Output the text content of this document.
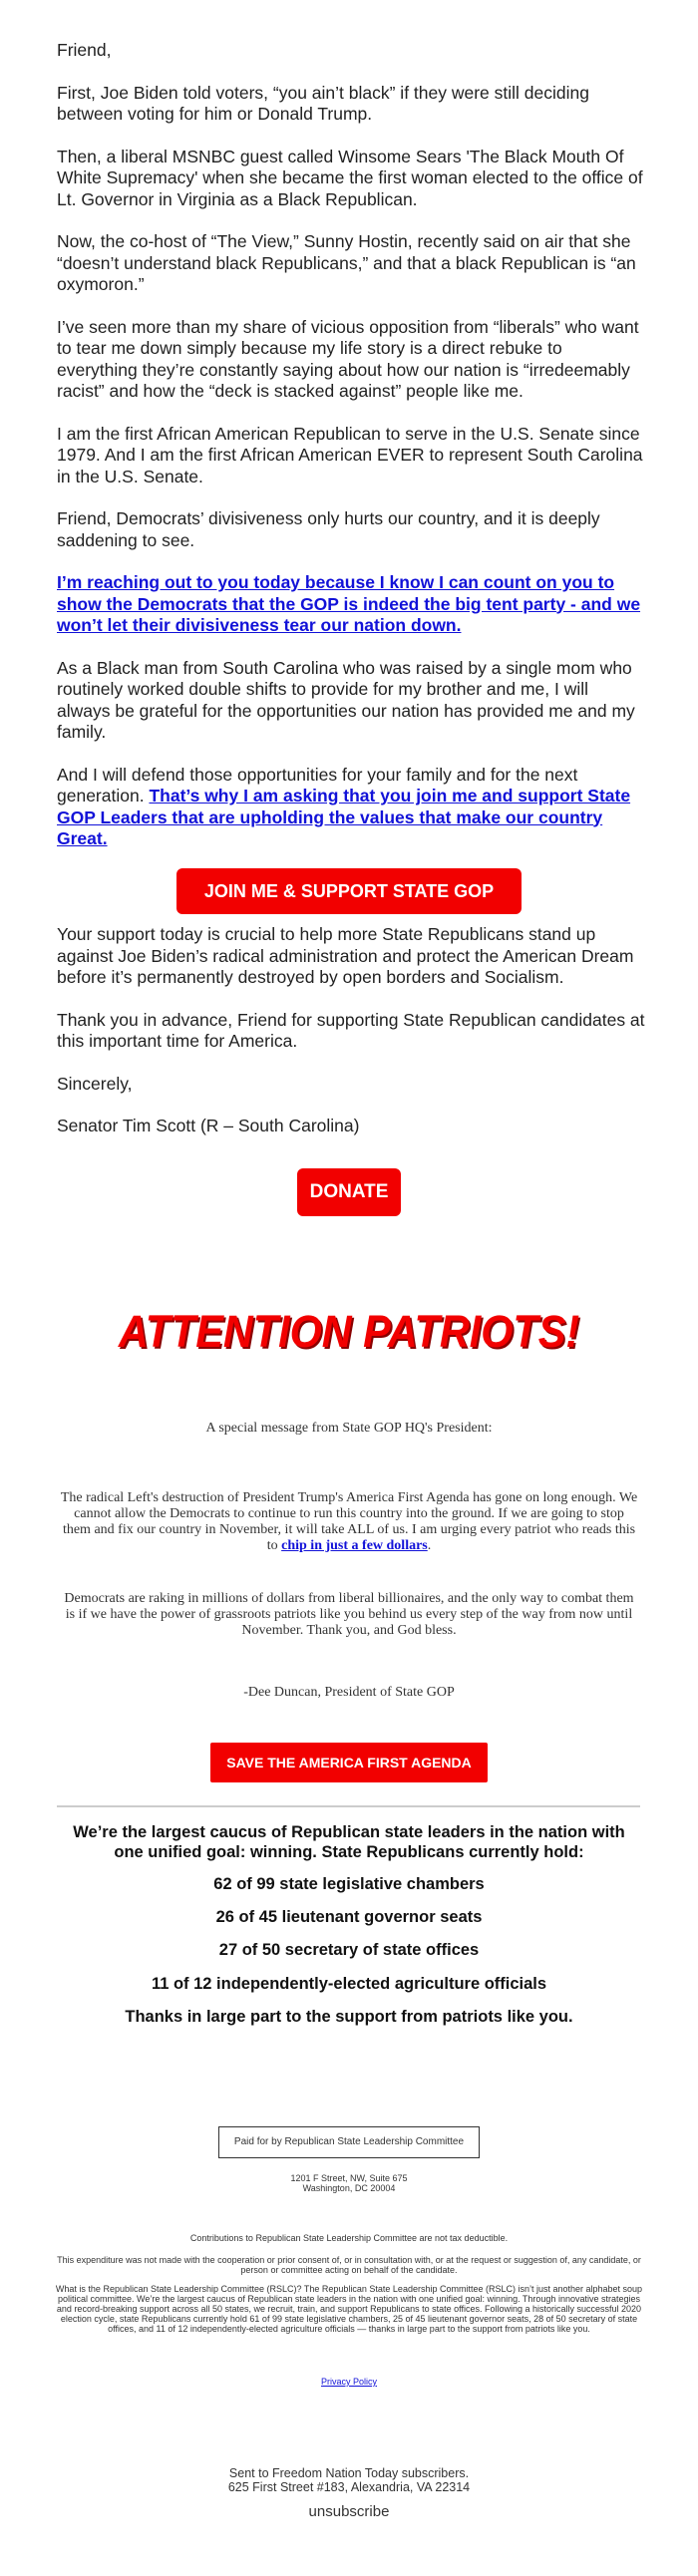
Friend,

First, Joe Biden told voters, “you ain’t black” if they were still deciding between voting for him or Donald Trump.

Then, a liberal MSNBC guest called Winsome Sears 'The Black Mouth Of White Supremacy' when she became the first woman elected to the office of Lt. Governor in Virginia as a Black Republican.

Now, the co-host of “The View,” Sunny Hostin, recently said on air that she “doesn’t understand black Republicans,” and that a black Republican is “an oxymoron.”

I’ve seen more than my share of vicious opposition from “liberals” who want to tear me down simply because my life story is a direct rebuke to everything they’re constantly saying about how our nation is “irredeemably racist” and how the “deck is stacked against” people like me.

I am the first African American Republican to serve in the U.S. Senate since 1979. And I am the first African American EVER to represent South Carolina in the U.S. Senate.

Friend, Democrats’ divisiveness only hurts our country, and it is deeply saddening to see.

I’m reaching out to you today because I know I can count on you to show the Democrats that the GOP is indeed the big tent party - and we won’t let their divisiveness tear our nation down.

As a Black man from South Carolina who was raised by a single mom who routinely worked double shifts to provide for my brother and me, I will always be grateful for the opportunities our nation has provided me and my family.

And I will defend those opportunities for your family and for the next generation. That’s why I am asking that you join me and support State GOP Leaders that are upholding the values that make our country Great.

JOIN ME & SUPPORT STATE GOP

Your support today is crucial to help more State Republicans stand up against Joe Biden’s radical administration and protect the American Dream before it’s permanently destroyed by open borders and Socialism.

Thank you in advance, Friend for supporting State Republican candidates at this important time for America.

Sincerely,

Senator Tim Scott (R – South Carolina)

DONATE
ATTENTION PATRIOTS!
A special message from State GOP HQ's President:
The radical Left's destruction of President Trump's America First Agenda has gone on long enough. We cannot allow the Democrats to continue to run this country into the ground. If we are going to stop them and fix our country in November, it will take ALL of us. I am urging every patriot who reads this to chip in just a few dollars.
Democrats are raking in millions of dollars from liberal billionaires, and the only way to combat them is if we have the power of grassroots patriots like you behind us every step of the way from now until November. Thank you, and God bless.
-Dee Duncan, President of State GOP
SAVE THE AMERICA FIRST AGENDA
We’re the largest caucus of Republican state leaders in the nation with one unified goal: winning. State Republicans currently hold:
62 of 99 state legislative chambers
26 of 45 lieutenant governor seats
27 of 50 secretary of state offices
11 of 12 independently-elected agriculture officials
Thanks in large part to the support from patriots like you.
Paid for by Republican State Leadership Committee
1201 F Street, NW, Suite 675
Washington, DC 20004
Contributions to Republican State Leadership Committee are not tax deductible.
This expenditure was not made with the cooperation or prior consent of, or in consultation with, or at the request or suggestion of, any candidate, or person or committee acting on behalf of the candidate.
What is the Republican State Leadership Committee (RSLC)? The Republican State Leadership Committee (RSLC) isn’t just another alphabet soup political committee. We’re the largest caucus of Republican state leaders in the nation with one unified goal: winning. Through innovative strategies and record-breaking support across all 50 states, we recruit, train, and support Republicans to state offices. Following a historically successful 2020 election cycle, state Republicans currently hold 61 of 99 state legislative chambers, 25 of 45 lieutenant governor seats, 28 of 50 secretary of state offices, and 11 of 12 independently-elected agriculture officials — thanks in large part to the support from patriots like you.
Privacy Policy
Sent to Freedom Nation Today subscribers.
625 First Street #183, Alexandria, VA 22314
unsubscribe
